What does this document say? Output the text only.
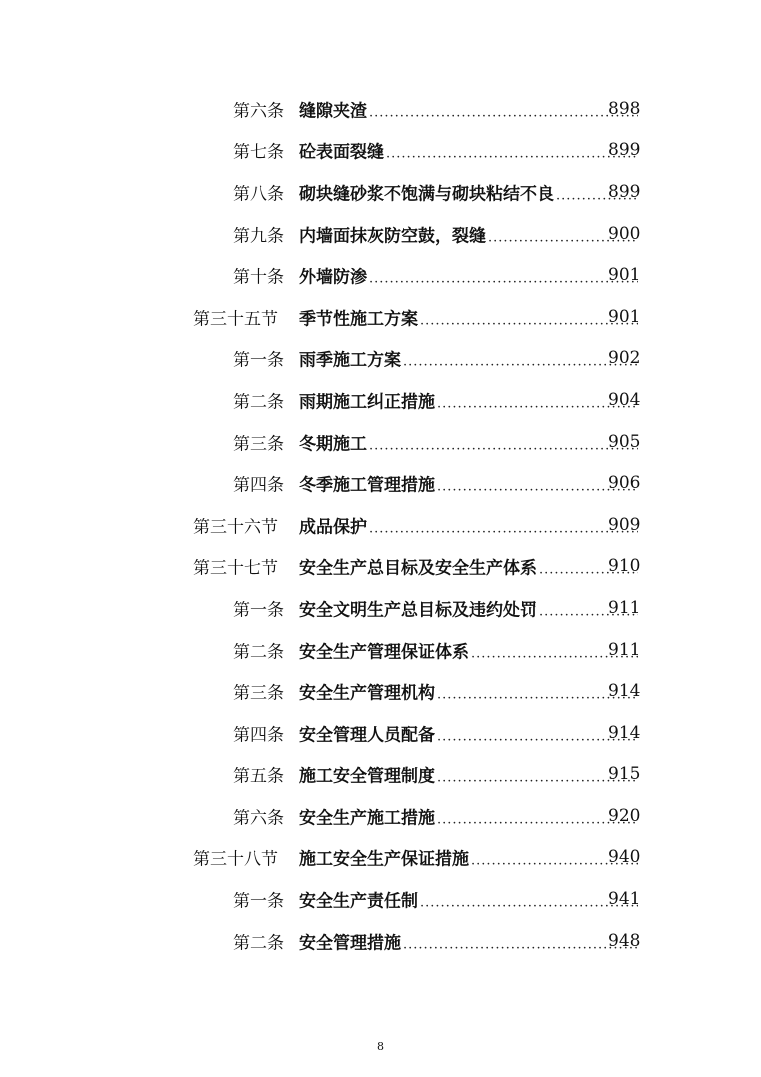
第六条 缝隙夹渣 .....	898
第七条 砼表面裂缝 .....	899
第八条 砌块缝砂浆不饱满与砌块粘结不良 .....	899
第九条 内墙面抹灰防空鼓，裂缝 .....	900
第十条 外墙防渗 .....	901
第三十五节 季节性施工方案 .....	901
第一条 雨季施工方案 .....	902
第二条 雨期施工纠正措施 .....	904
第三条 冬期施工 .....	905
第四条 冬季施工管理措施 .....	906
第三十六节 成品保护 .....	909
第三十七节 安全生产总目标及安全生产体系 .....	910
第一条 安全文明生产总目标及违约处罚 .....	911
第二条 安全生产管理保证体系 .....	911
第三条 安全生产管理机构 .....	914
第四条 安全管理人员配备 .....	914
第五条 施工安全管理制度 .....	915
第六条 安全生产施工措施 .....	920
第三十八节 施工安全生产保证措施 .....	940
第一条 安全生产责任制 .....	941
第二条 安全管理措施 .....	948
8
